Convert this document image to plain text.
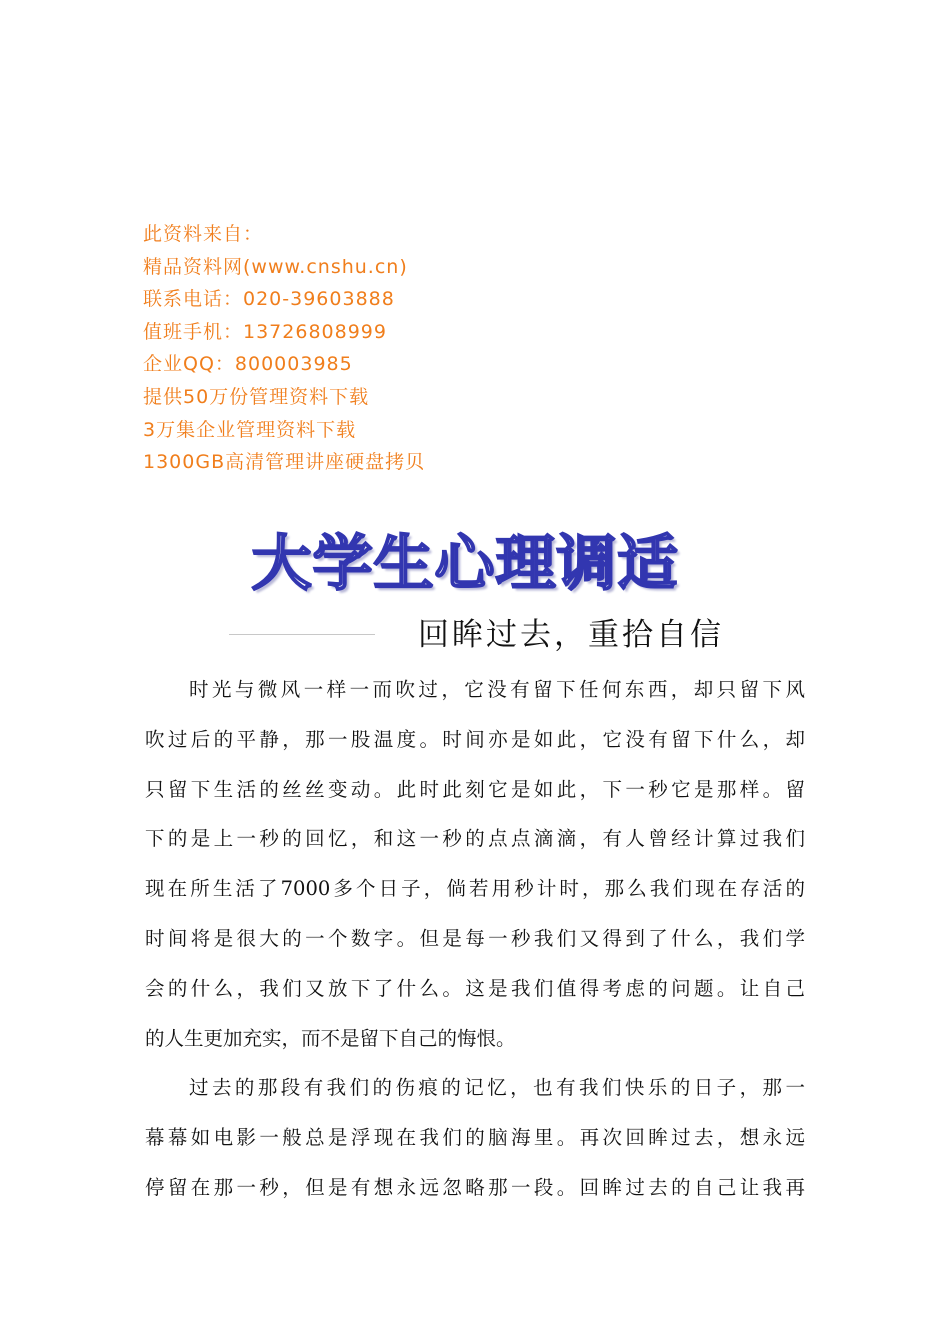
此资料来自：
精品资料网(www.cnshu.cn)
联系电话：020-39603888
值班手机：13726808999
企业QQ：800003985
提供50万份管理资料下载
3万集企业管理资料下载
1300GB高清管理讲座硬盘拷贝
大学生心理调适
回眸过去，重拾自信
时光与微风一样一而吹过，它没有留下任何东西，却只留下风
吹过后的平静，那一股温度。时间亦是如此，它没有留下什么，却
只留下生活的丝丝变动。此时此刻它是如此，下一秒它是那样。留
下的是上一秒的回忆，和这一秒的点点滴滴，有人曾经计算过我们
现在所生活了7000多个日子，倘若用秒计时，那么我们现在存活的
时间将是很大的一个数字。但是每一秒我们又得到了什么，我们学
会的什么，我们又放下了什么。这是我们值得考虑的问题。让自己
的人生更加充实，而不是留下自己的悔恨。
过去的那段有我们的伤痕的记忆，也有我们快乐的日子，那一
幕幕如电影一般总是浮现在我们的脑海里。再次回眸过去，想永远
停留在那一秒，但是有想永远忽略那一段。回眸过去的自己让我再
